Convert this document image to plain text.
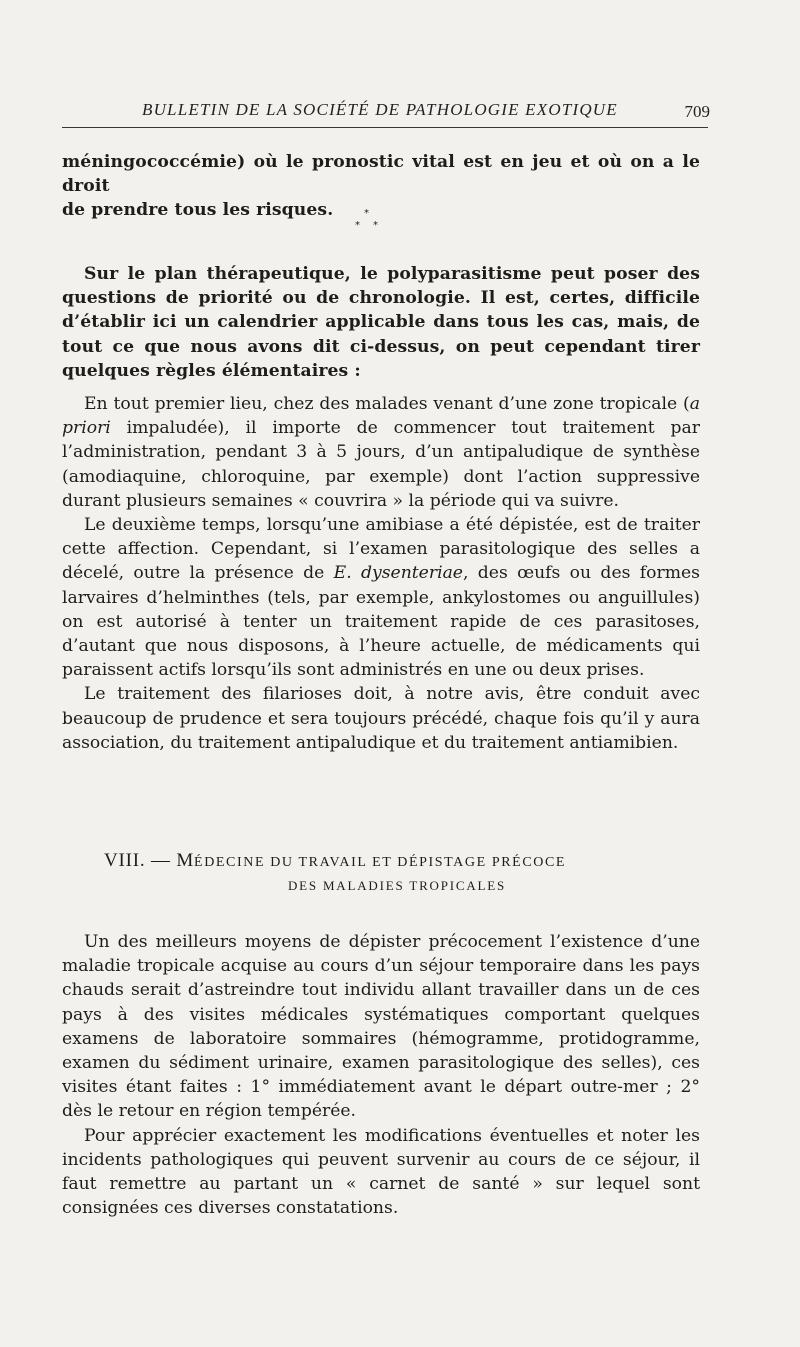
BULLETIN DE LA SOCIÉTÉ DE PATHOLOGIE EXOTIQUE	709

méningococcémie) où le pronostic vital est en jeu et où on a le droit

de prendre tous les risques.	*
* *

Sur le plan thérapeutique, le polyparasitisme peut poser des questions de priorité ou de chronologie. Il est, certes, difficile d’établir ici un calendrier applicable dans tous les cas, mais, de tout ce que nous avons dit ci-dessus, on peut cependant tirer quelques règles élémentaires :

En tout premier lieu, chez des malades venant d’une zone tropicale (a priori impaludée), il importe de commencer tout traitement par l’administration, pendant 3 à 5 jours, d’un antipaludique de synthèse (amodiaquine, chloroquine, par exemple) dont l’action suppressive durant plusieurs semaines « couvrira » la période qui va suivre.

Le deuxième temps, lorsqu’une amibiase a été dépistée, est de traiter cette affection. Cependant, si l’examen parasitologique des selles a décelé, outre la présence de E. dysenteriae, des œufs ou des formes larvaires d’helminthes (tels, par exemple, ankylostomes ou anguillules) on est autorisé à tenter un traitement rapide de ces parasitoses, d’autant que nous disposons, à l’heure actuelle, de médicaments qui paraissent actifs lorsqu’ils sont administrés en une ou deux prises.

Le traitement des filarioses doit, à notre avis, être conduit avec beaucoup de prudence et sera toujours précédé, chaque fois qu’il y aura association, du traitement antipaludique et du traitement antiamibien.

VIII. — MÉDECINE DU TRAVAIL ET DÉPISTAGE PRÉCOCE
DES MALADIES TROPICALES

Un des meilleurs moyens de dépister précocement l’existence d’une maladie tropicale acquise au cours d’un séjour temporaire dans les pays chauds serait d’astreindre tout individu allant travailler dans un de ces pays à des visites médicales systématiques comportant quelques examens de laboratoire sommaires (hémogramme, protidogramme, examen du sédiment urinaire, examen parasitologique des selles), ces visites étant faites : 1° immédiatement avant le départ outre-mer ; 2° dès le retour en région tempérée.

Pour apprécier exactement les modifications éventuelles et noter les incidents pathologiques qui peuvent survenir au cours de ce séjour, il faut remettre au partant un « carnet de santé » sur lequel sont consignées ces diverses constatations.
